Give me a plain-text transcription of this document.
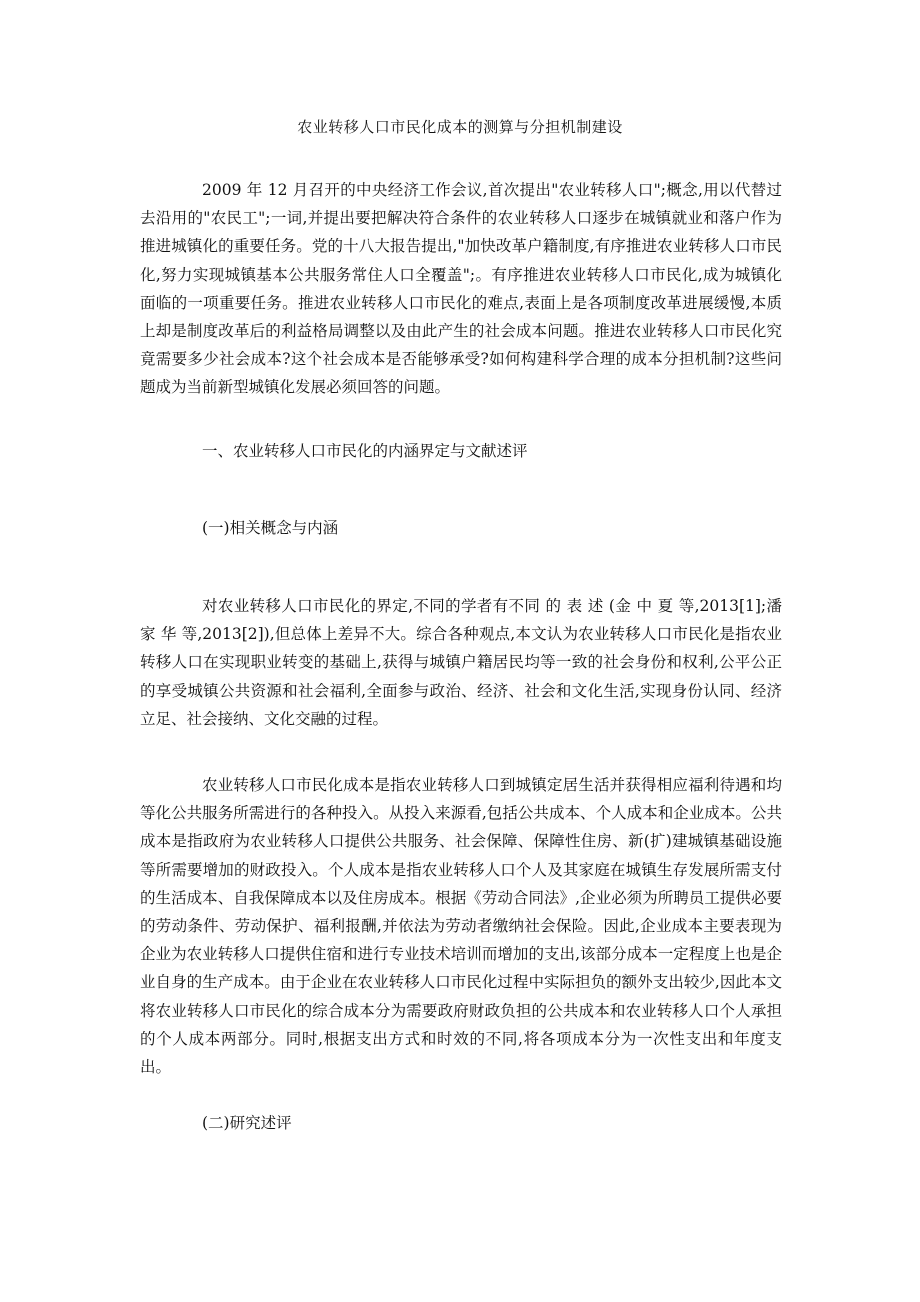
农业转移人口市民化成本的测算与分担机制建设

2009 年 12 月召开的中央经济工作会议,首次提出"农业转移人口";概念,用以代替过去沿用的"农民工";一词,并提出要把解决符合条件的农业转移人口逐步在城镇就业和落户作为推进城镇化的重要任务。党的十八大报告提出,"加快改革户籍制度,有序推进农业转移人口市民化,努力实现城镇基本公共服务常住人口全覆盖";。有序推进农业转移人口市民化,成为城镇化面临的一项重要任务。推进农业转移人口市民化的难点,表面上是各项制度改革进展缓慢,本质上却是制度改革后的利益格局调整以及由此产生的社会成本问题。推进农业转移人口市民化究竟需要多少社会成本?这个社会成本是否能够承受?如何构建科学合理的成本分担机制?这些问题成为当前新型城镇化发展必须回答的问题。

一、农业转移人口市民化的内涵界定与文献述评

(一)相关概念与内涵

对农业转移人口市民化的界定,不同的学者有不同 的 表 述 (金 中 夏 等,2013[1];潘 家 华 等,2013[2]),但总体上差异不大。综合各种观点,本文认为农业转移人口市民化是指农业转移人口在实现职业转变的基础上,获得与城镇户籍居民均等一致的社会身份和权利,公平公正的享受城镇公共资源和社会福利,全面参与政治、经济、社会和文化生活,实现身份认同、经济立足、社会接纳、文化交融的过程。

农业转移人口市民化成本是指农业转移人口到城镇定居生活并获得相应福利待遇和均等化公共服务所需进行的各种投入。从投入来源看,包括公共成本、个人成本和企业成本。公共成本是指政府为农业转移人口提供公共服务、社会保障、保障性住房、新(扩)建城镇基础设施等所需要增加的财政投入。个人成本是指农业转移人口个人及其家庭在城镇生存发展所需支付的生活成本、自我保障成本以及住房成本。根据《劳动合同法》,企业必须为所聘员工提供必要的劳动条件、劳动保护、福利报酬,并依法为劳动者缴纳社会保险。因此,企业成本主要表现为企业为农业转移人口提供住宿和进行专业技术培训而增加的支出,该部分成本一定程度上也是企业自身的生产成本。由于企业在农业转移人口市民化过程中实际担负的额外支出较少,因此本文将农业转移人口市民化的综合成本分为需要政府财政负担的公共成本和农业转移人口个人承担的个人成本两部分。同时,根据支出方式和时效的不同,将各项成本分为一次性支出和年度支出。

(二)研究述评
